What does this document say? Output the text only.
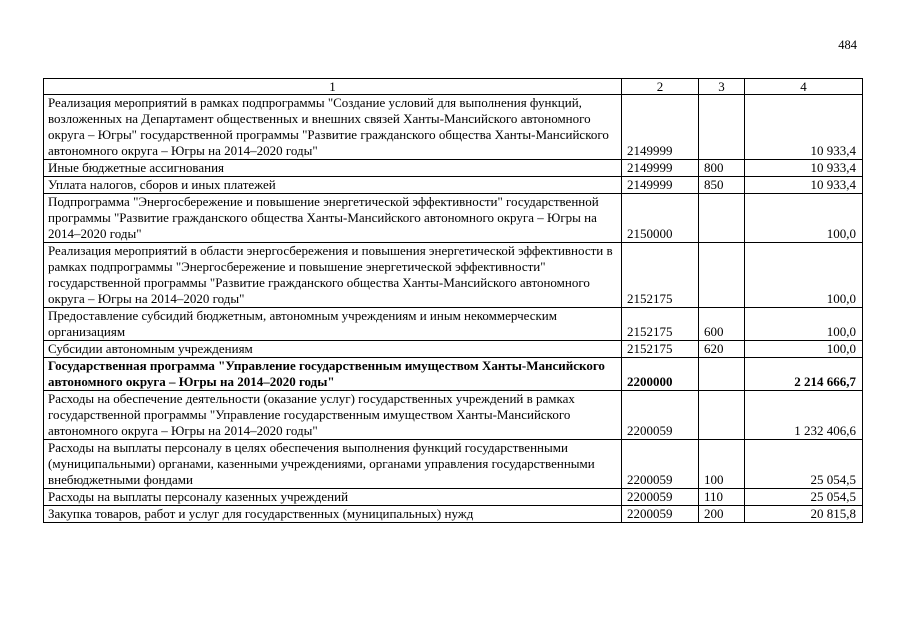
484
1	2	3	4
Реализация мероприятий в рамках подпрограммы "Создание условий для выполнения функций, возложенных на Департамент общественных и внешних связей Ханты-Мансийского автономного округа – Югры" государственной программы "Развитие гражданского общества Ханты-Мансийского автономного округа – Югры на 2014–2020 годы"	2149999		10 933,4
Иные бюджетные ассигнования	2149999	800	10 933,4
Уплата налогов, сборов и иных платежей	2149999	850	10 933,4
Подпрограмма "Энергосбережение и повышение энергетической эффективности" государственной программы "Развитие гражданского общества Ханты-Мансийского автономного округа – Югры на 2014–2020 годы"	2150000		100,0
Реализация мероприятий в области энергосбережения и повышения энергетической эффективности в рамках подпрограммы "Энергосбережение и повышение энергетической эффективности" государственной программы "Развитие гражданского общества Ханты-Мансийского автономного округа – Югры на 2014–2020 годы"	2152175		100,0
Предоставление субсидий бюджетным, автономным учреждениям и иным некоммерческим организациям	2152175	600	100,0
Субсидии автономным учреждениям	2152175	620	100,0
Государственная программа "Управление государственным имуществом Ханты-Мансийского автономного округа – Югры на 2014–2020 годы"	2200000		2 214 666,7
Расходы на обеспечение деятельности (оказание услуг) государственных учреждений в рамках государственной программы "Управление государственным имуществом Ханты-Мансийского автономного округа – Югры на 2014–2020 годы"	2200059		1 232 406,6
Расходы на выплаты персоналу в целях обеспечения выполнения функций государственными (муниципальными) органами, казенными учреждениями, органами управления государственными внебюджетными фондами	2200059	100	25 054,5
Расходы на выплаты персоналу казенных учреждений	2200059	110	25 054,5
Закупка товаров, работ и услуг для государственных (муниципальных) нужд	2200059	200	20 815,8
